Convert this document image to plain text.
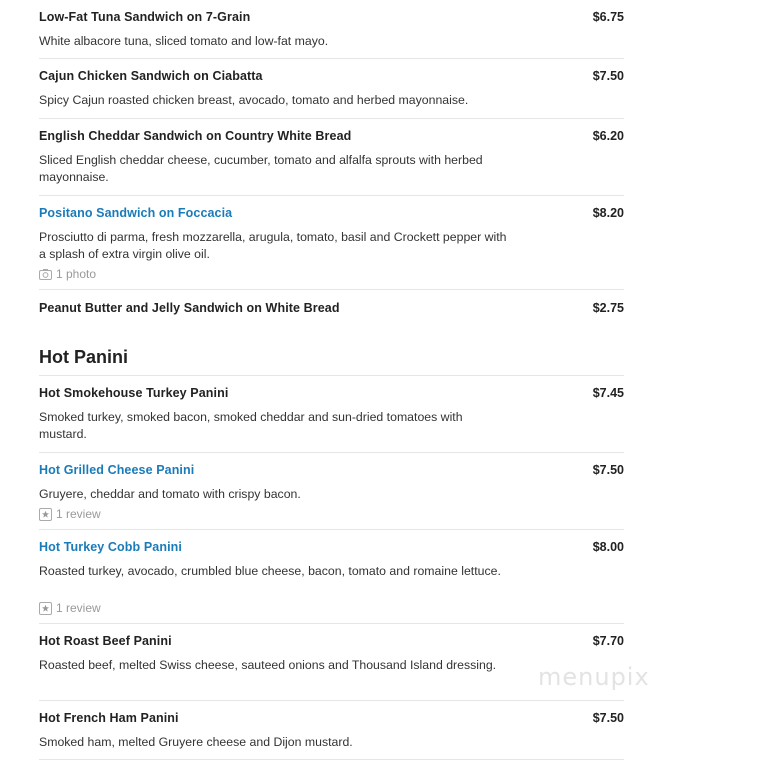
Low-Fat Tuna Sandwich on 7-Grain	$6.75
White albacore tuna, sliced tomato and low-fat mayo.
Cajun Chicken Sandwich on Ciabatta	$7.50
Spicy Cajun roasted chicken breast, avocado, tomato and herbed mayonnaise.
English Cheddar Sandwich on Country White Bread	$6.20
Sliced English cheddar cheese, cucumber, tomato and alfalfa sprouts with herbed mayonnaise.
Positano Sandwich on Foccacia	$8.20
Prosciutto di parma, fresh mozzarella, arugula, tomato, basil and Crockett pepper with a splash of extra virgin olive oil.
1 photo
Peanut Butter and Jelly Sandwich on White Bread	$2.75
Hot Panini
Hot Smokehouse Turkey Panini	$7.45
Smoked turkey, smoked bacon, smoked cheddar and sun-dried tomatoes with mustard.
Hot Grilled Cheese Panini	$7.50
Gruyere, cheddar and tomato with crispy bacon.
1 review
Hot Turkey Cobb Panini	$8.00
Roasted turkey, avocado, crumbled blue cheese, bacon, tomato and romaine lettuce.
1 review
Hot Roast Beef Panini	$7.70
Roasted beef, melted Swiss cheese, sauteed onions and Thousand Island dressing.
Hot French Ham Panini	$7.50
Smoked ham, melted Gruyere cheese and Dijon mustard.
menupix
